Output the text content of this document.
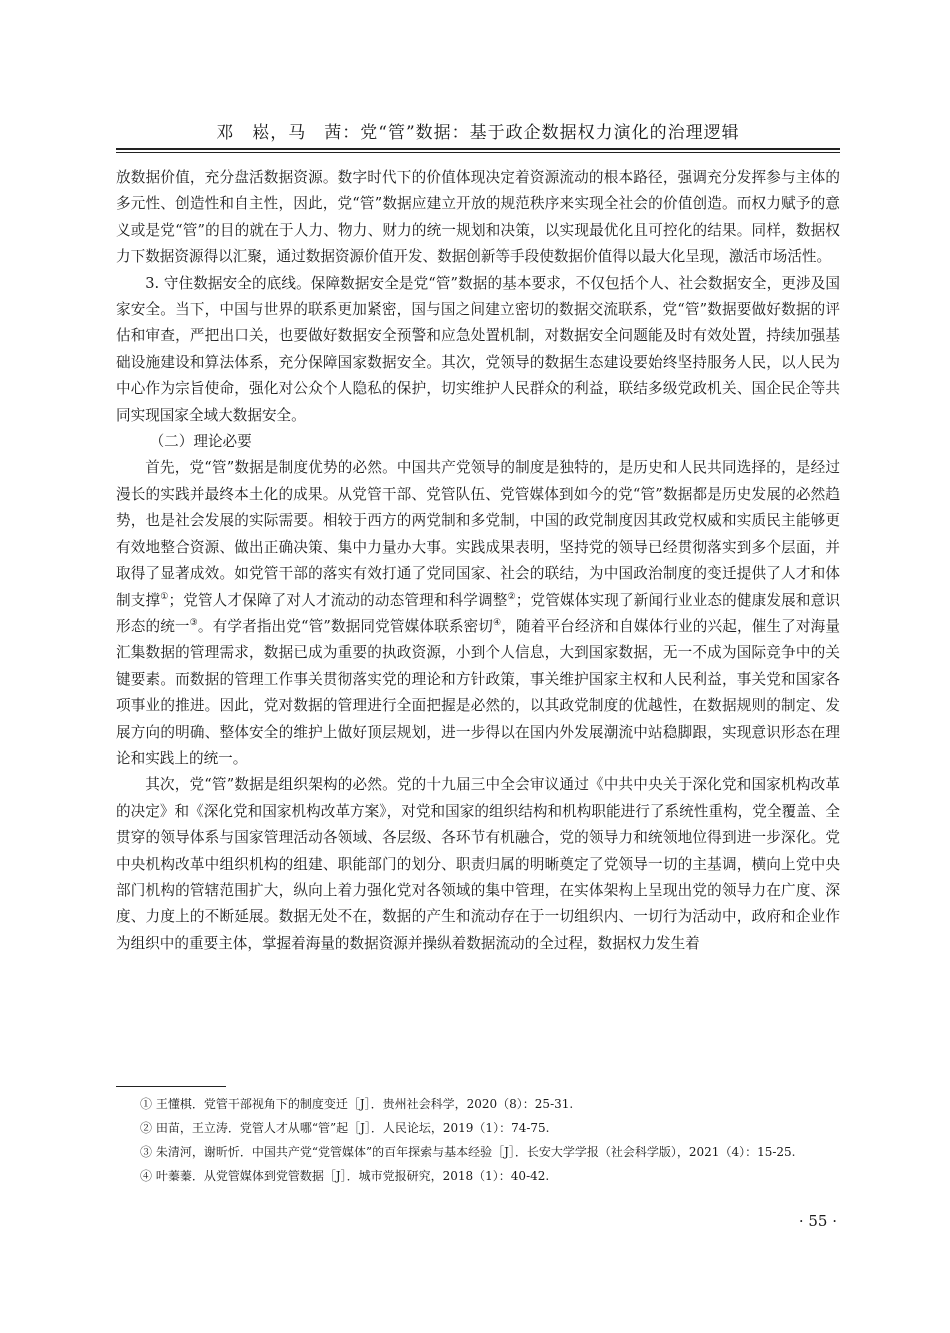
邓　崧，马　茜：党“管”数据：基于政企数据权力演化的治理逻辑

放数据价值，充分盘活数据资源。数字时代下的价值体现决定着资源流动的根本路径，强调充分发挥参与主体的多元性、创造性和自主性，因此，党“管”数据应建立开放的规范秩序来实现全社会的价值创造。而权力赋予的意义或是党“管”的目的就在于人力、物力、财力的统一规划和决策，以实现最优化且可控化的结果。同样，数据权力下数据资源得以汇聚，通过数据资源价值开发、数据创新等手段使数据价值得以最大化呈现，激活市场活性。

3. 守住数据安全的底线。保障数据安全是党“管”数据的基本要求，不仅包括个人、社会数据安全，更涉及国家安全。当下，中国与世界的联系更加紧密，国与国之间建立密切的数据交流联系，党“管”数据要做好数据的评估和审查，严把出口关，也要做好数据安全预警和应急处置机制，对数据安全问题能及时有效处置，持续加强基础设施建设和算法体系，充分保障国家数据安全。其次，党领导的数据生态建设要始终坚持服务人民，以人民为中心作为宗旨使命，强化对公众个人隐私的保护，切实维护人民群众的利益，联结多级党政机关、国企民企等共同实现国家全域大数据安全。

（二）理论必要

首先，党“管”数据是制度优势的必然。中国共产党领导的制度是独特的，是历史和人民共同选择的，是经过漫长的实践并最终本土化的成果。从党管干部、党管队伍、党管媒体到如今的党“管”数据都是历史发展的必然趋势，也是社会发展的实际需要。相较于西方的两党制和多党制，中国的政党制度因其政党权威和实质民主能够更有效地整合资源、做出正确决策、集中力量办大事。实践成果表明，坚持党的领导已经贯彻落实到多个层面，并取得了显著成效。如党管干部的落实有效打通了党同国家、社会的联结，为中国政治制度的变迁提供了人才和体制支撑①；党管人才保障了对人才流动的动态管理和科学调整②；党管媒体实现了新闻行业业态的健康发展和意识形态的统一③。有学者指出党“管”数据同党管媒体联系密切④，随着平台经济和自媒体行业的兴起，催生了对海量汇集数据的管理需求，数据已成为重要的执政资源，小到个人信息，大到国家数据，无一不成为国际竞争中的关键要素。而数据的管理工作事关贯彻落实党的理论和方针政策，事关维护国家主权和人民利益，事关党和国家各项事业的推进。因此，党对数据的管理进行全面把握是必然的，以其政党制度的优越性，在数据规则的制定、发展方向的明确、整体安全的维护上做好顶层规划，进一步得以在国内外发展潮流中站稳脚跟，实现意识形态在理论和实践上的统一。

其次，党“管”数据是组织架构的必然。党的十九届三中全会审议通过《中共中央关于深化党和国家机构改革的决定》和《深化党和国家机构改革方案》，对党和国家的组织结构和机构职能进行了系统性重构，党全覆盖、全贯穿的领导体系与国家管理活动各领域、各层级、各环节有机融合，党的领导力和统领地位得到进一步深化。党中央机构改革中组织机构的组建、职能部门的划分、职责归属的明晰奠定了党领导一切的主基调，横向上党中央部门机构的管辖范围扩大，纵向上着力强化党对各领域的集中管理，在实体架构上呈现出党的领导力在广度、深度、力度上的不断延展。数据无处不在，数据的产生和流动存在于一切组织内、一切行为活动中，政府和企业作为组织中的重要主体，掌握着海量的数据资源并操纵着数据流动的全过程，数据权力发生着

① 王懂棋．党管干部视角下的制度变迁［J］．贵州社会科学，2020（8）：25-31.
② 田苗，王立涛．党管人才从哪“管”起［J］．人民论坛，2019（1）：74-75.
③ 朱清河，谢昕忻．中国共产党“党管媒体”的百年探索与基本经验［J］．长安大学学报（社会科学版），2021（4）：15-25.
④ 叶蓁蓁．从党管媒体到党管数据［J］．城市党报研究，2018（1）：40-42.
· 55 ·
